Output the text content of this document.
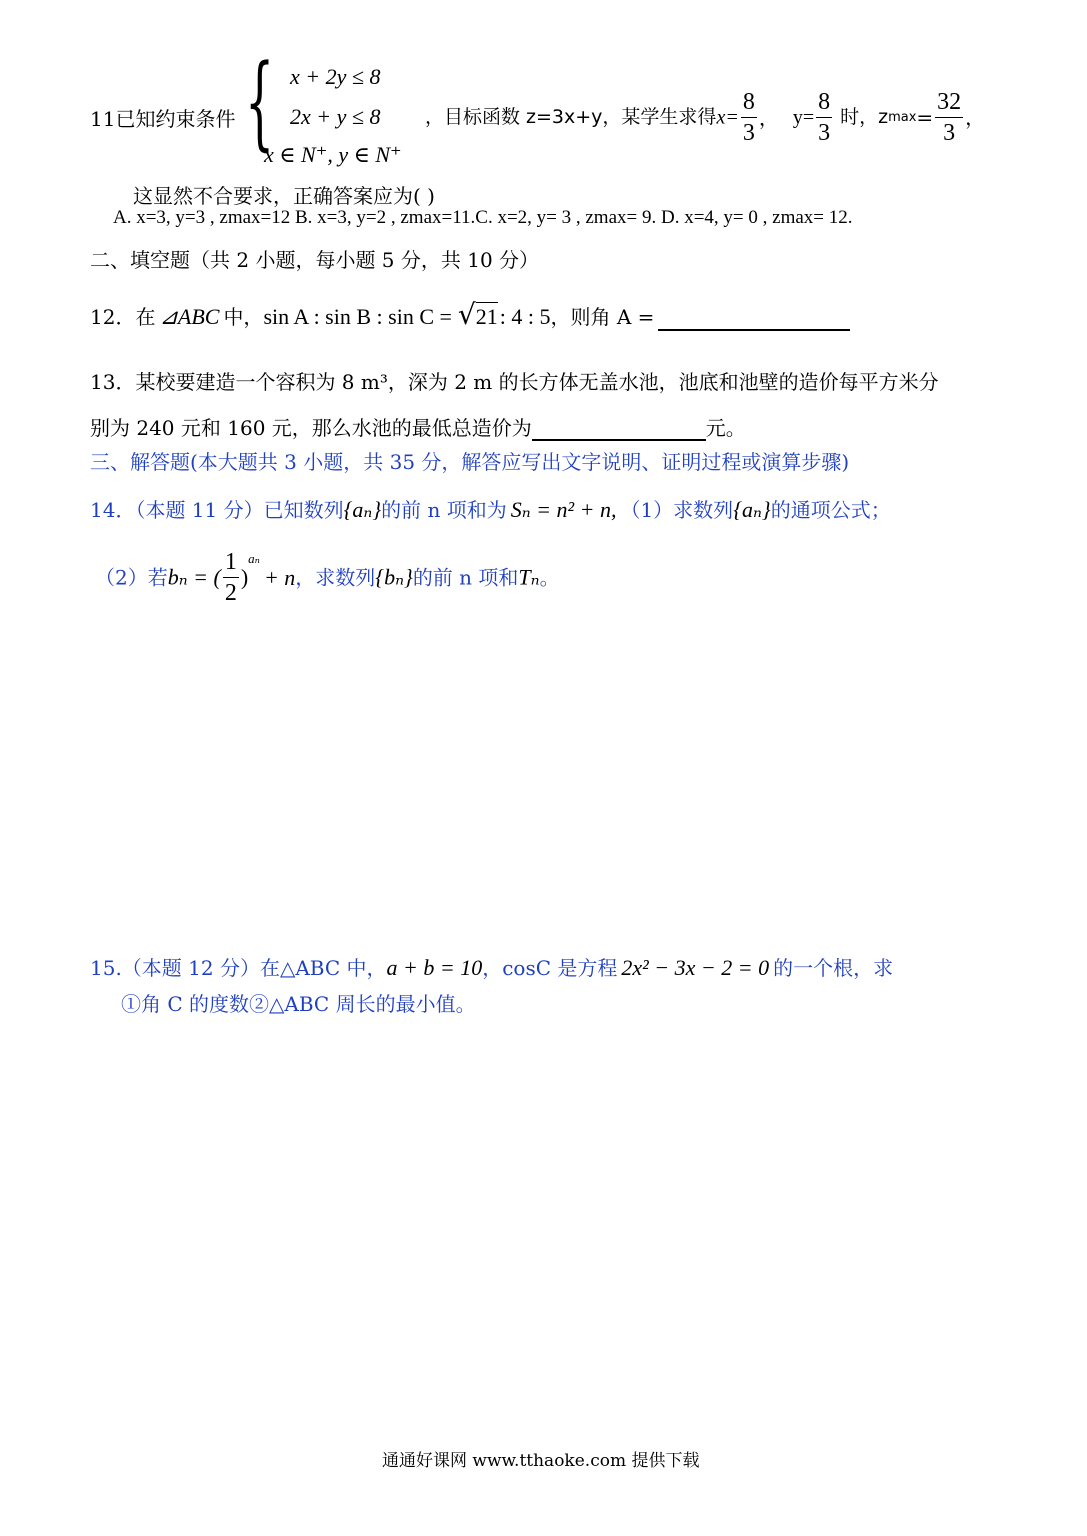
11已知约束条件 { x + 2y ≤ 8
2x + y ≤ 8
x ∈ N⁺, y ∈ N⁺
，目标函数 z=3x+y，某学生求得$x= \frac{8}{3}$ ， $y= \frac{8}{3}$ 时，$zmax= \frac{32}{3}$ ，
这显然不合要求，正确答案应为( )
A. x=3, y=3 , zmax=12 B. x=3, y=2 , zmax=11.C. x=2, y= 3 , zmax= 9. D. x=4, y= 0 , zmax= 12.
二、填空题（共 2 小题，每小题 5 分，共 10 分）
12．在 ⊿ABC 中，sin A : sin B : sin C = √21: 4 : 5，则角 A =
13．某校要建造一个容积为 8 m³，深为 2 m 的长方体无盖水池，池底和池壁的造价每平方米分
别为 240 元和 160 元，那么水池的最低总造价为	元。
三、解答题(本大题共 3 小题，共 35 分，解答应写出文字说明、证明过程或演算步骤)
14．（本题 11 分）已知数列{aₙ}的前 n 项和为 Sₙ = n² + n, （1）求数列{aₙ}的通项公式；
（2）若bₙ = ( $\frac{1}{2} )^{a_n}+ n$，求数列{bₙ}的前 n 项和Tₙ。
15.（本题 12 分）在△ABC 中，a + b = 10，cosC 是方程 2x² − 3x − 2 = 0 的一个根，求
①角 C 的度数②△ABC 周长的最小值。
通通好课网 www.tthaoke.com 提供下载
